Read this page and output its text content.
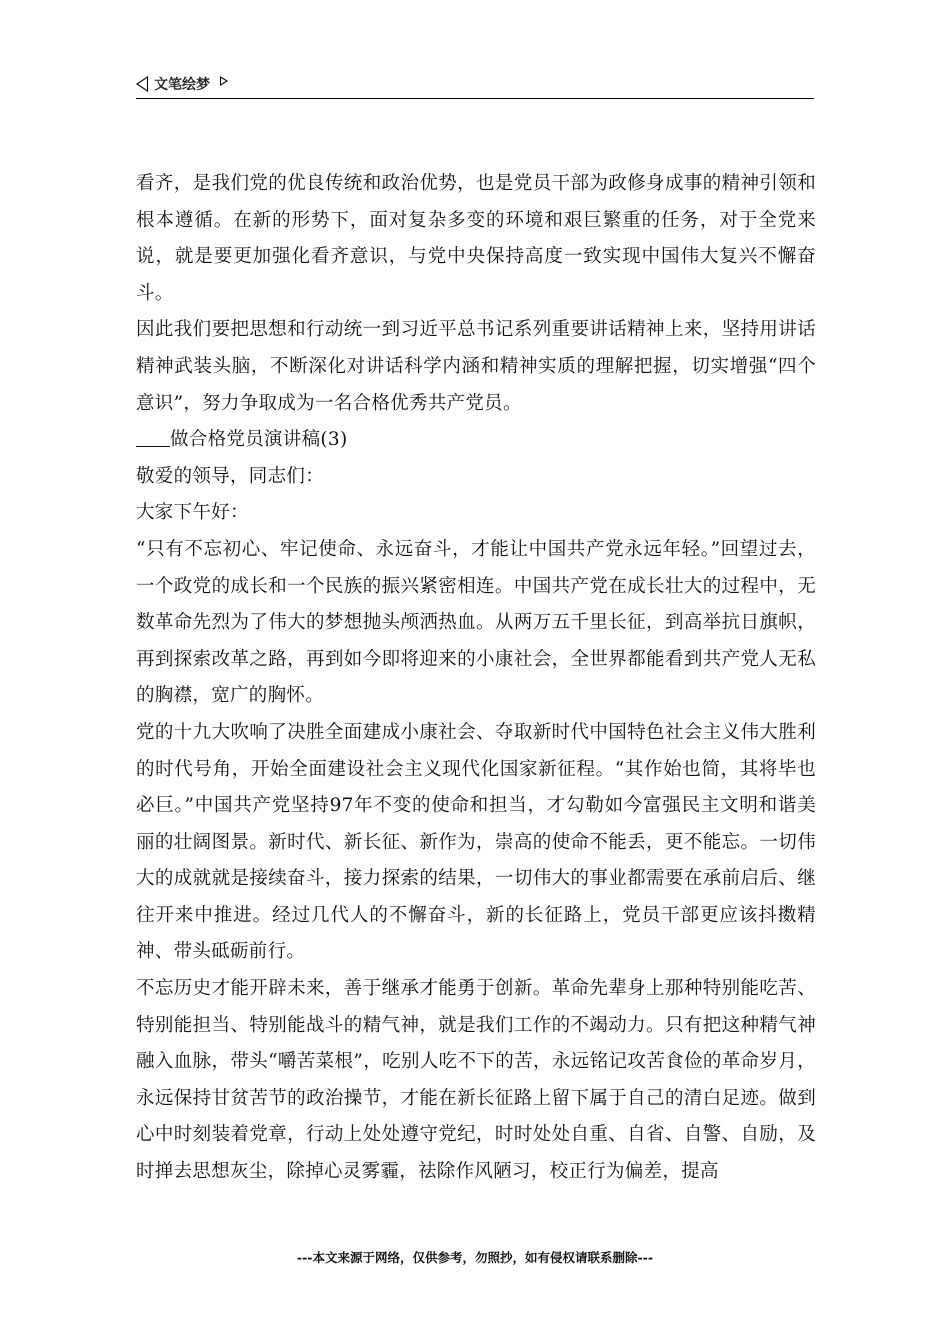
文笔绘梦

看齐，是我们党的优良传统和政治优势，也是党员干部为政修身成事的精神引领和根本遵循。在新的形势下，面对复杂多变的环境和艰巨繁重的任务，对于全党来说，就是要更加强化看齐意识，与党中央保持高度一致实现中国伟大复兴不懈奋斗。

因此我们要把思想和行动统一到习近平总书记系列重要讲话精神上来，坚持用讲话精神武装头脑，不断深化对讲话科学内涵和精神实质的理解把握，切实增强“四个意识”，努力争取成为一名合格优秀共产党员。

做合格党员演讲稿(3)

敬爱的领导，同志们：

大家下午好：

“只有不忘初心、牢记使命、永远奋斗，才能让中国共产党永远年轻。”回望过去，一个政党的成长和一个民族的振兴紧密相连。中国共产党在成长壮大的过程中，无数革命先烈为了伟大的梦想抛头颅洒热血。从两万五千里长征，到高举抗日旗帜，再到探索改革之路，再到如今即将迎来的小康社会，全世界都能看到共产党人无私的胸襟，宽广的胸怀。

党的十九大吹响了决胜全面建成小康社会、夺取新时代中国特色社会主义伟大胜利的时代号角，开始全面建设社会主义现代化国家新征程。“其作始也简，其将毕也必巨。”中国共产党坚持97年不变的使命和担当，才勾勒如今富强民主文明和谐美丽的壮阔图景。新时代、新长征、新作为，崇高的使命不能丢，更不能忘。一切伟大的成就就是接续奋斗，接力探索的结果，一切伟大的事业都需要在承前启后、继往开来中推进。经过几代人的不懈奋斗，新的长征路上，党员干部更应该抖擞精神、带头砥砺前行。

不忘历史才能开辟未来，善于继承才能勇于创新。革命先辈身上那种特别能吃苦、特别能担当、特别能战斗的精气神，就是我们工作的不竭动力。只有把这种精气神融入血脉，带头“嚼苦菜根”，吃别人吃不下的苦，永远铭记攻苦食俭的革命岁月，永远保持甘贫苦节的政治操节，才能在新长征路上留下属于自己的清白足迹。做到心中时刻装着党章，行动上处处遵守党纪，时时处处自重、自省、自警、自励，及时掸去思想灰尘，除掉心灵雾霾，祛除作风陋习，校正行为偏差，提高

---本文来源于网络，仅供参考，勿照抄，如有侵权请联系删除---
